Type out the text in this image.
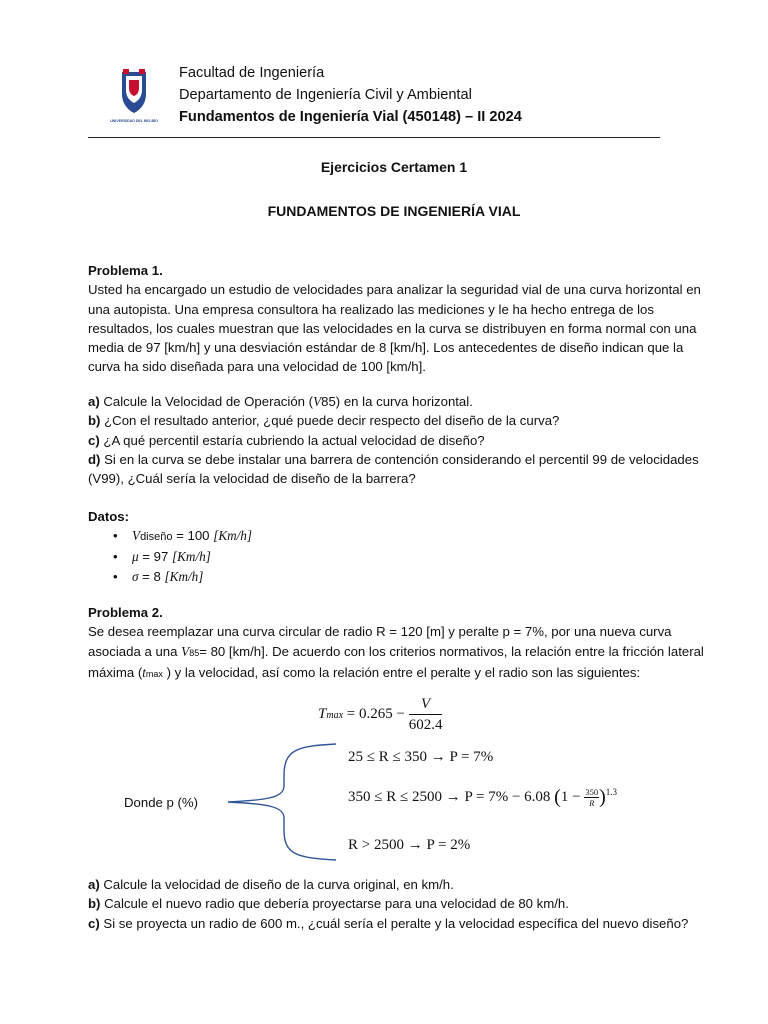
UNIVERSIDAD DEL BÍO-BÍO
Facultad de Ingeniería
Departamento de Ingeniería Civil y Ambiental
Fundamentos de Ingeniería Vial (450148) – II 2024
Ejercicios Certamen 1
FUNDAMENTOS DE INGENIERÍA VIAL
Problema 1.
Usted ha encargado un estudio de velocidades para analizar la seguridad vial de una curva horizontal en una autopista. Una empresa consultora ha realizado las mediciones y le ha hecho entrega de los resultados, los cuales muestran que las velocidades en la curva se distribuyen en forma normal con una media de 97 [km/h] y una desviación estándar de 8 [km/h]. Los antecedentes de diseño indican que la curva ha sido diseñada para una velocidad de 100 [km/h].
a) Calcule la Velocidad de Operación (V85) en la curva horizontal.
b) ¿Con el resultado anterior, ¿qué puede decir respecto del diseño de la curva?
c) ¿A qué percentil estaría cubriendo la actual velocidad de diseño?
d) Si en la curva se debe instalar una barrera de contención considerando el percentil 99 de velocidades (V99), ¿Cuál sería la velocidad de diseño de la barrera?
Datos:
• Vdiseño = 100 [Km/h]
• μ = 97 [Km/h]
• σ = 8 [Km/h]
Problema 2.
Se desea reemplazar una curva circular de radio R = 120 [m] y peralte p = 7%, por una nueva curva asociada a una V85= 80 [km/h]. De acuerdo con los criterios normativos, la relación entre la fricción lateral máxima (tmax ) y la velocidad, así como la relación entre el peralte y el radio son las siguientes:
$Tmax = 0.265 - \frac{V}{602.4}$
Donde p (%)
25 ≤ R ≤ 350 → P = 7%
350 ≤ R ≤ 2500 → P = 7% − 6.08 $(1 - \frac{350}{R} )^{1.3}$
R > 2500 → P = 2%
a) Calcule la velocidad de diseño de la curva original, en km/h.
b) Calcule el nuevo radio que debería proyectarse para una velocidad de 80 km/h.
c) Si se proyecta un radio de 600 m., ¿cuál sería el peralte y la velocidad específica del nuevo diseño?
